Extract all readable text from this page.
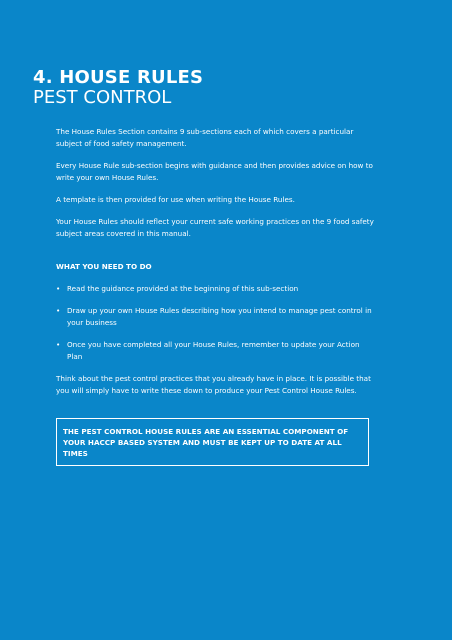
4. HOUSE RULES
PEST CONTROL

The House Rules Section contains 9 sub-sections each of which covers a particular subject of food safety management.

Every House Rule sub-section begins with guidance and then provides advice on how to write your own House Rules.

A template is then provided for use when writing the House Rules.

Your House Rules should reflect your current safe working practices on the 9 food safety subject areas covered in this manual.

WHAT YOU NEED TO DO
• Read the guidance provided at the beginning of this sub-section
• Draw up your own House Rules describing how you intend to manage pest control in your business
• Once you have completed all your House Rules, remember to update your Action Plan

Think about the pest control practices that you already have in place. It is possible that you will simply have to write these down to produce your Pest Control House Rules.

THE PEST CONTROL HOUSE RULES ARE AN ESSENTIAL COMPONENT OF YOUR HACCP BASED SYSTEM AND MUST BE KEPT UP TO DATE AT ALL TIMES
